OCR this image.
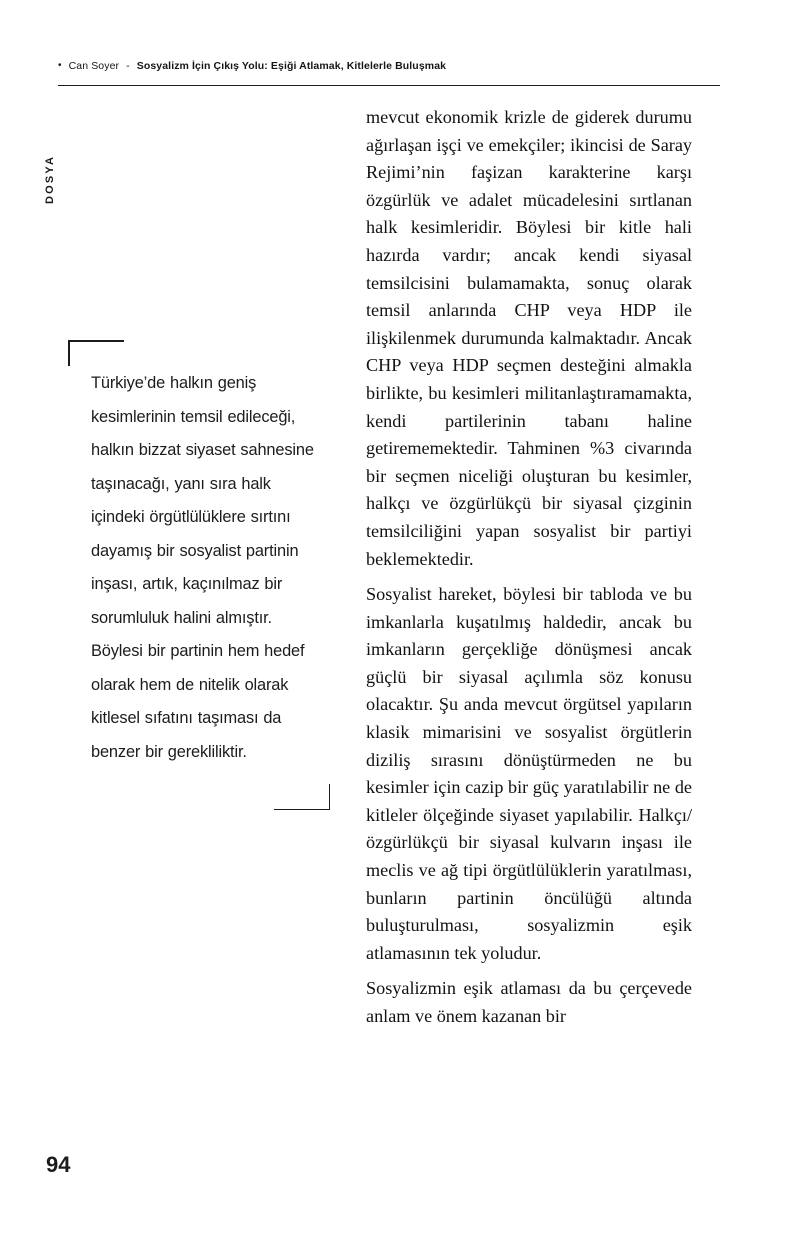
• Can Soyer - Sosyalizm İçin Çıkış Yolu: Eşiği Atlamak, Kitlelerle Buluşmak
DOSYA
Türkiye’de halkın geniş kesimlerinin temsil edileceği, halkın bizzat siyaset sahnesine taşınacağı, yanı sıra halk içindeki örgütlülüklere sırtını dayamış bir sosyalist partinin inşası, artık, kaçınılmaz bir sorumluluk halini almıştır. Böylesi bir partinin hem hedef olarak hem de nitelik olarak kitlesel sıfatını taşıması da benzer bir gerekliliktir.

mevcut ekonomik krizle de giderek durumu ağırlaşan işçi ve emekçiler; ikincisi de Saray Rejimi’nin faşizan karakterine karşı özgürlük ve adalet mücadelesini sırtlanan halk kesimleridir. Böylesi bir kitle hali hazırda vardır; ancak kendi siyasal temsilcisini bulamamakta, sonuç olarak temsil anlarında CHP veya HDP ile ilişkilenmek durumunda kalmaktadır. Ancak CHP veya HDP seçmen desteğini almakla birlikte, bu kesimleri militanlaştıramamakta, kendi partilerinin tabanı haline getirememektedir. Tahminen %3 civarında bir seçmen niceliği oluşturan bu kesimler, halkçı ve özgürlükçü bir siyasal çizginin temsilciliğini yapan sosyalist bir partiyi beklemektedir.

Sosyalist hareket, böylesi bir tabloda ve bu imkanlarla kuşatılmış haldedir, ancak bu imkanların gerçekliğe dönüşmesi ancak güçlü bir siyasal açılımla söz konusu olacaktır. Şu anda mevcut örgütsel yapıların klasik mimarisini ve sosyalist örgütlerin diziliş sırasını dönüştürmeden ne bu kesimler için cazip bir güç yaratılabilir ne de kitleler ölçeğinde siyaset yapılabilir. Halkçı/özgürlükçü bir siyasal kulvarın inşası ile meclis ve ağ tipi örgütlülüklerin yaratılması, bunların partinin öncülüğü altında buluşturulması, sosyalizmin eşik atlamasının tek yoludur.

Sosyalizmin eşik atlaması da bu çerçevede anlam ve önem kazanan bir

94
